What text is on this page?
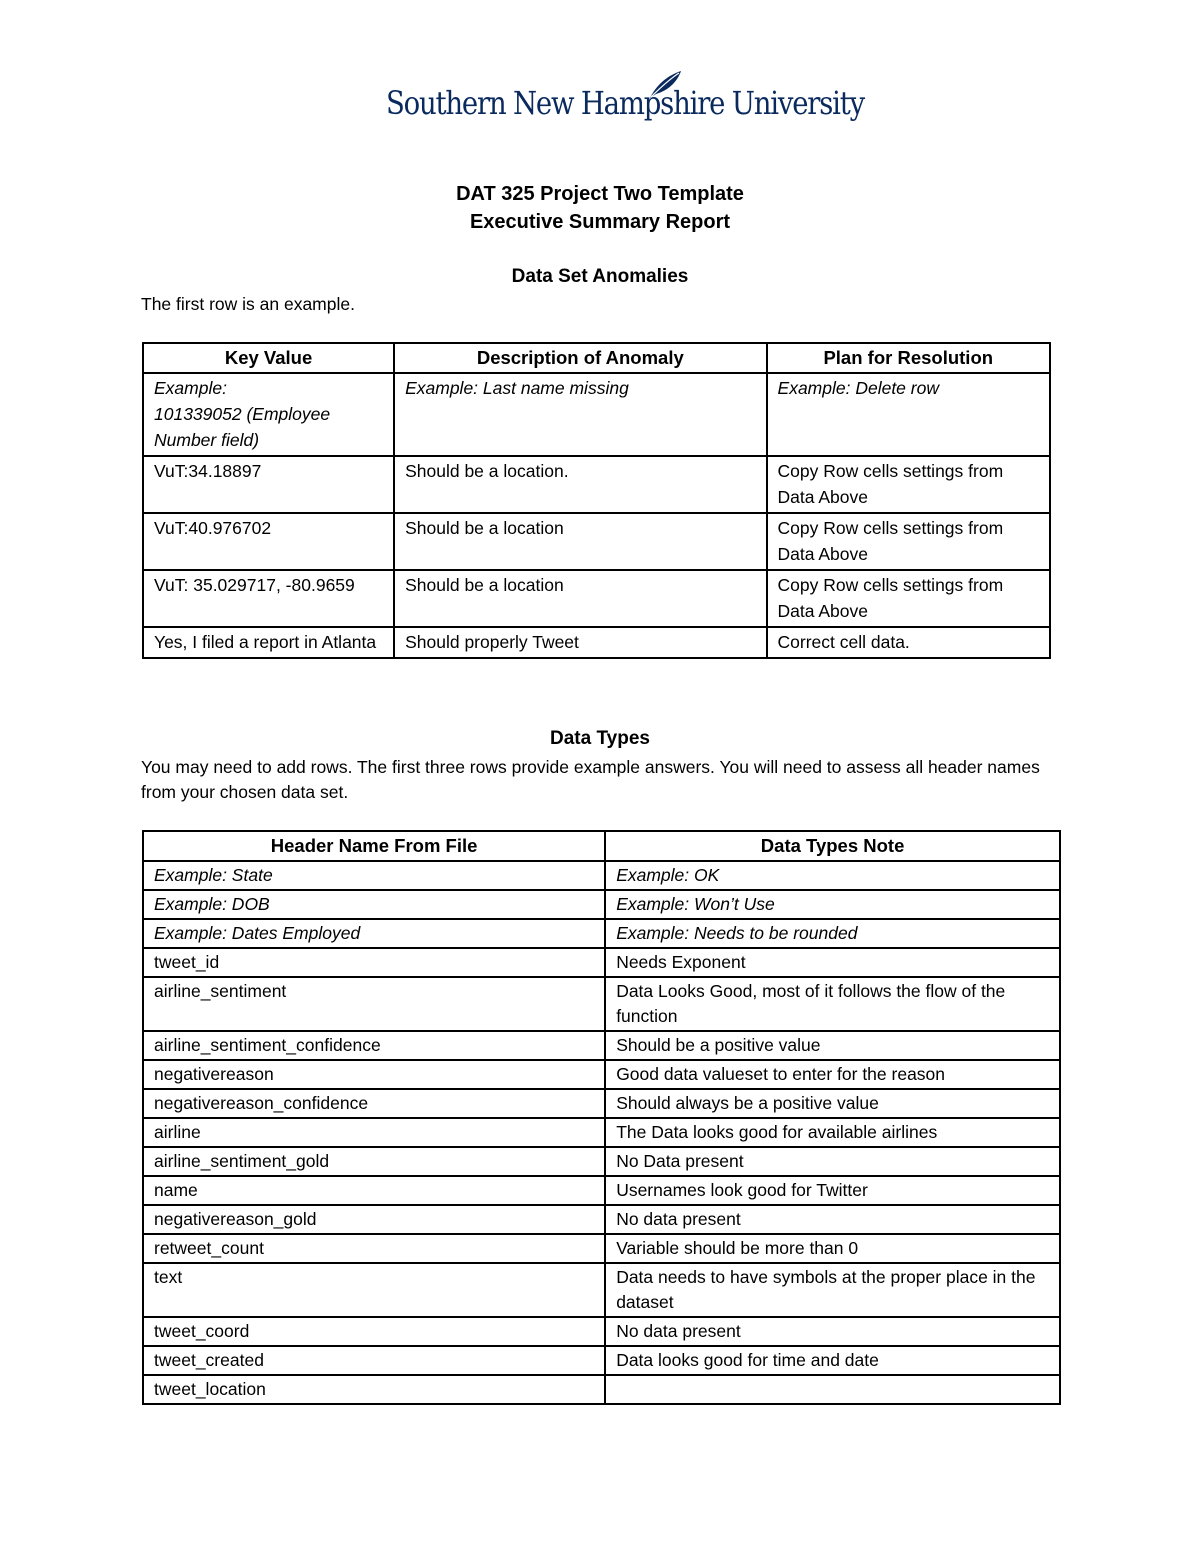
Southern New Hampshire University
DAT 325 Project Two Template
Executive Summary Report
Data Set Anomalies
The first row is an example.
Key Value	Description of Anomaly	Plan for Resolution
Example:
101339052 (Employee Number field)	Example: Last name missing	Example: Delete row
VuT:34.18897	Should be a location.	Copy Row cells settings from Data Above
VuT:40.976702	Should be a location	Copy Row cells settings from Data Above
VuT: 35.029717, -80.9659	Should be a location	Copy Row cells settings from Data Above
Yes, I filed a report in Atlanta	Should properly Tweet	Correct cell data.
Data Types
You may need to add rows. The first three rows provide example answers. You will need to assess all header names from your chosen data set.
Header Name From File	Data Types Note
Example: State	Example: OK
Example: DOB	Example: Won’t Use
Example: Dates Employed	Example: Needs to be rounded
tweet_id	Needs Exponent
airline_sentiment	Data Looks Good, most of it follows the flow of the function
airline_sentiment_confidence	Should be a positive value
negativereason	Good data valueset to enter for the reason
negativereason_confidence	Should always be a positive value
airline	The Data looks good for available airlines
airline_sentiment_gold	No Data present
name	Usernames look good for Twitter
negativereason_gold	No data present
retweet_count	Variable should be more than 0
text	Data needs to have symbols at the proper place in the dataset
tweet_coord	No data present
tweet_created	Data looks good for time and date
tweet_location	
